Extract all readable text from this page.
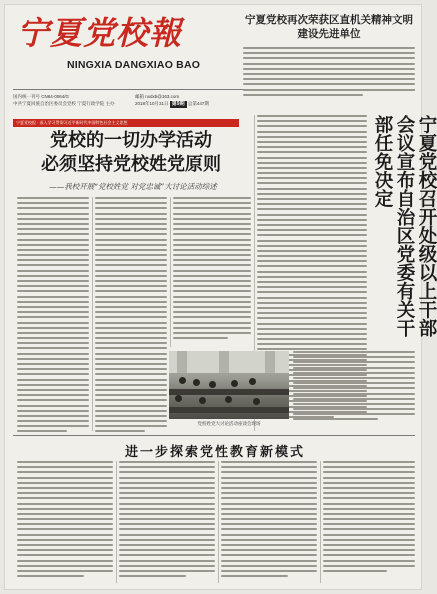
宁夏党校報
NINGXIA DANGXIAO BAO
国内统一刊号 CN64-0064/G
中共宁夏回族自治区委员会党校 宁夏行政学院 主办
邮箱 nxdxb@163.com
2018年10月31日 第9期 总第447期
宁夏党校报 · 深入学习贯彻习近平新时代中国特色社会主义思想
宁夏党校再次荣获区直机关精神文明建设先进单位
党校的一切办学活动
必须坚持党校姓党原则
——我校开展“党校姓党 对党忠诚”大讨论活动综述	宁夏党校召开处级以上干部会议宣布自治区党委有关干部任免决定
党校姓党大讨论活动座谈会现场
进一步探索党性教育新模式
